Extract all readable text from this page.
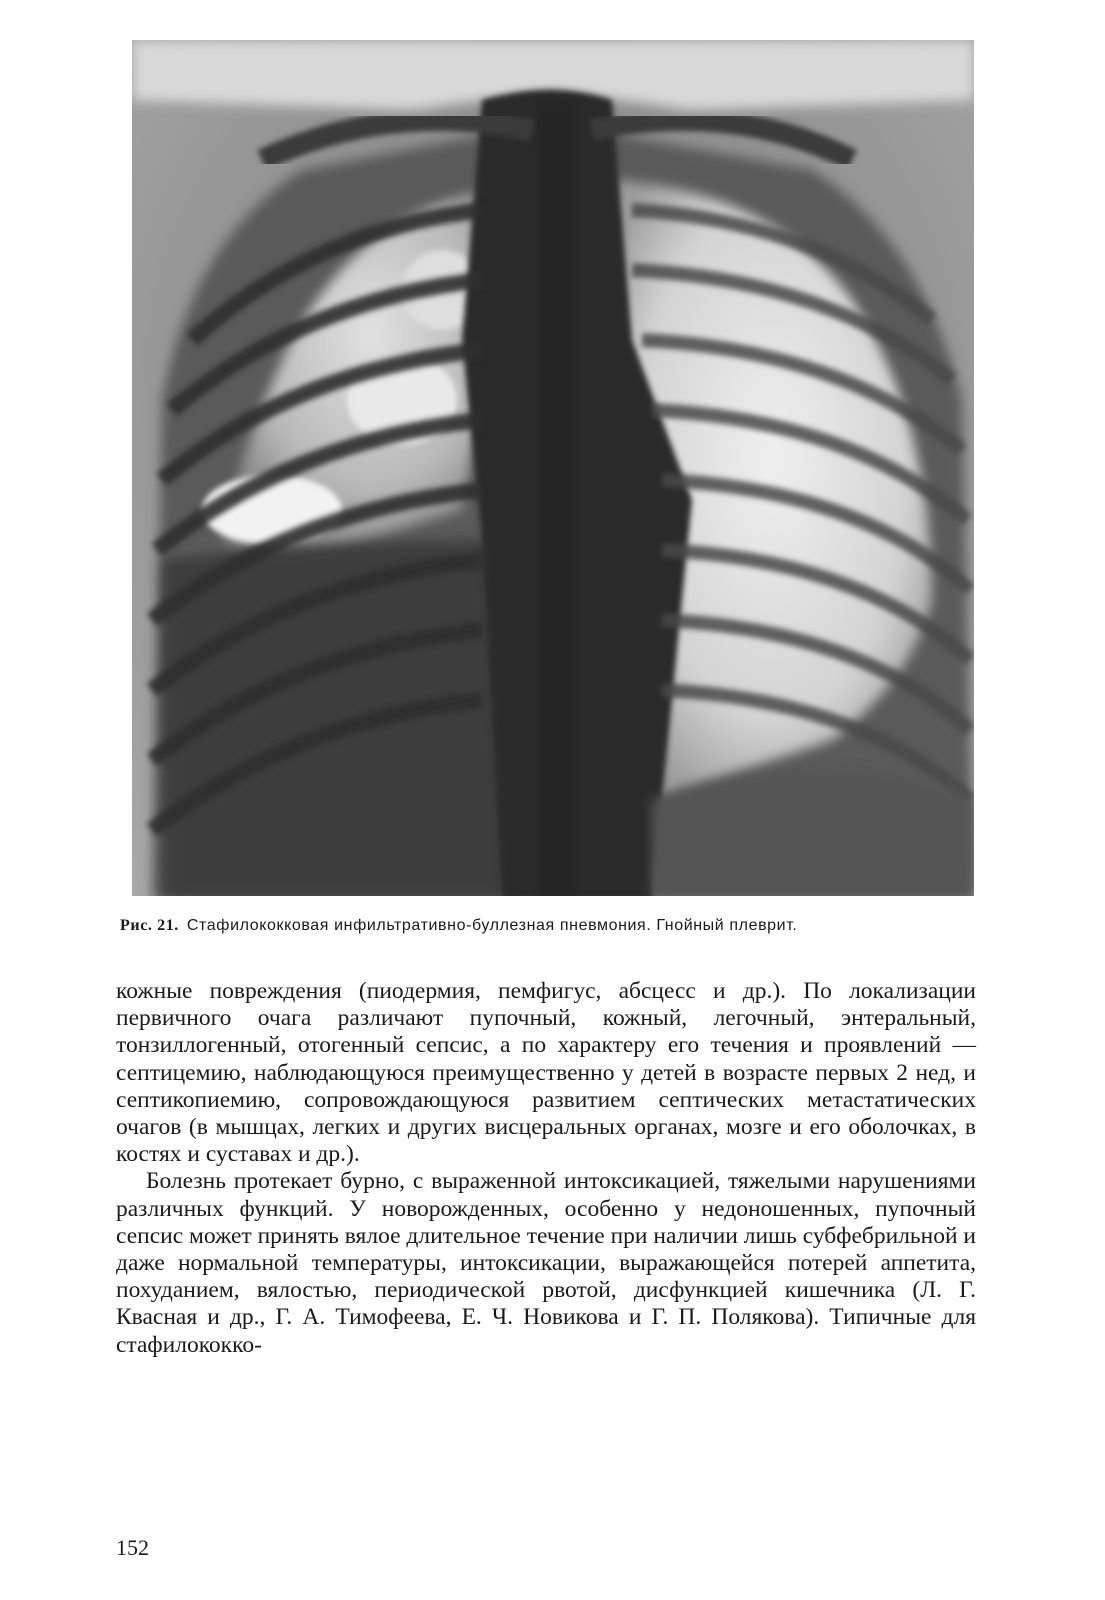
Рис. 21. Стафилококковая инфильтративно-буллезная пневмония. Гнойный плеврит.

кожные повреждения (пиодермия, пемфигус, абсцесс и др.). По локализации первичного очага различают пупочный, кожный, легочный, энтеральный, тонзиллогенный, отогенный сепсис, а по характеру его течения и проявлений — септицемию, наблюдающуюся преимущественно у детей в возрасте первых 2 нед, и септикопиемию, сопровождающуюся развитием септических метастатических очагов (в мышцах, легких и других висцеральных органах, мозге и его оболочках, в костях и суставах и др.).

Болезнь протекает бурно, с выраженной интоксикацией, тяжелыми нарушениями различных функций. У новорожденных, особенно у недоношенных, пупочный сепсис может принять вялое длительное течение при наличии лишь субфебрильной и даже нормальной температуры, интоксикации, выражающейся потерей аппетита, похуданием, вялостью, периодической рвотой, дисфункцией кишечника (Л. Г. Квасная и др., Г. А. Тимофеева, Е. Ч. Новикова и Г. П. Полякова). Типичные для стафилококко-

152
